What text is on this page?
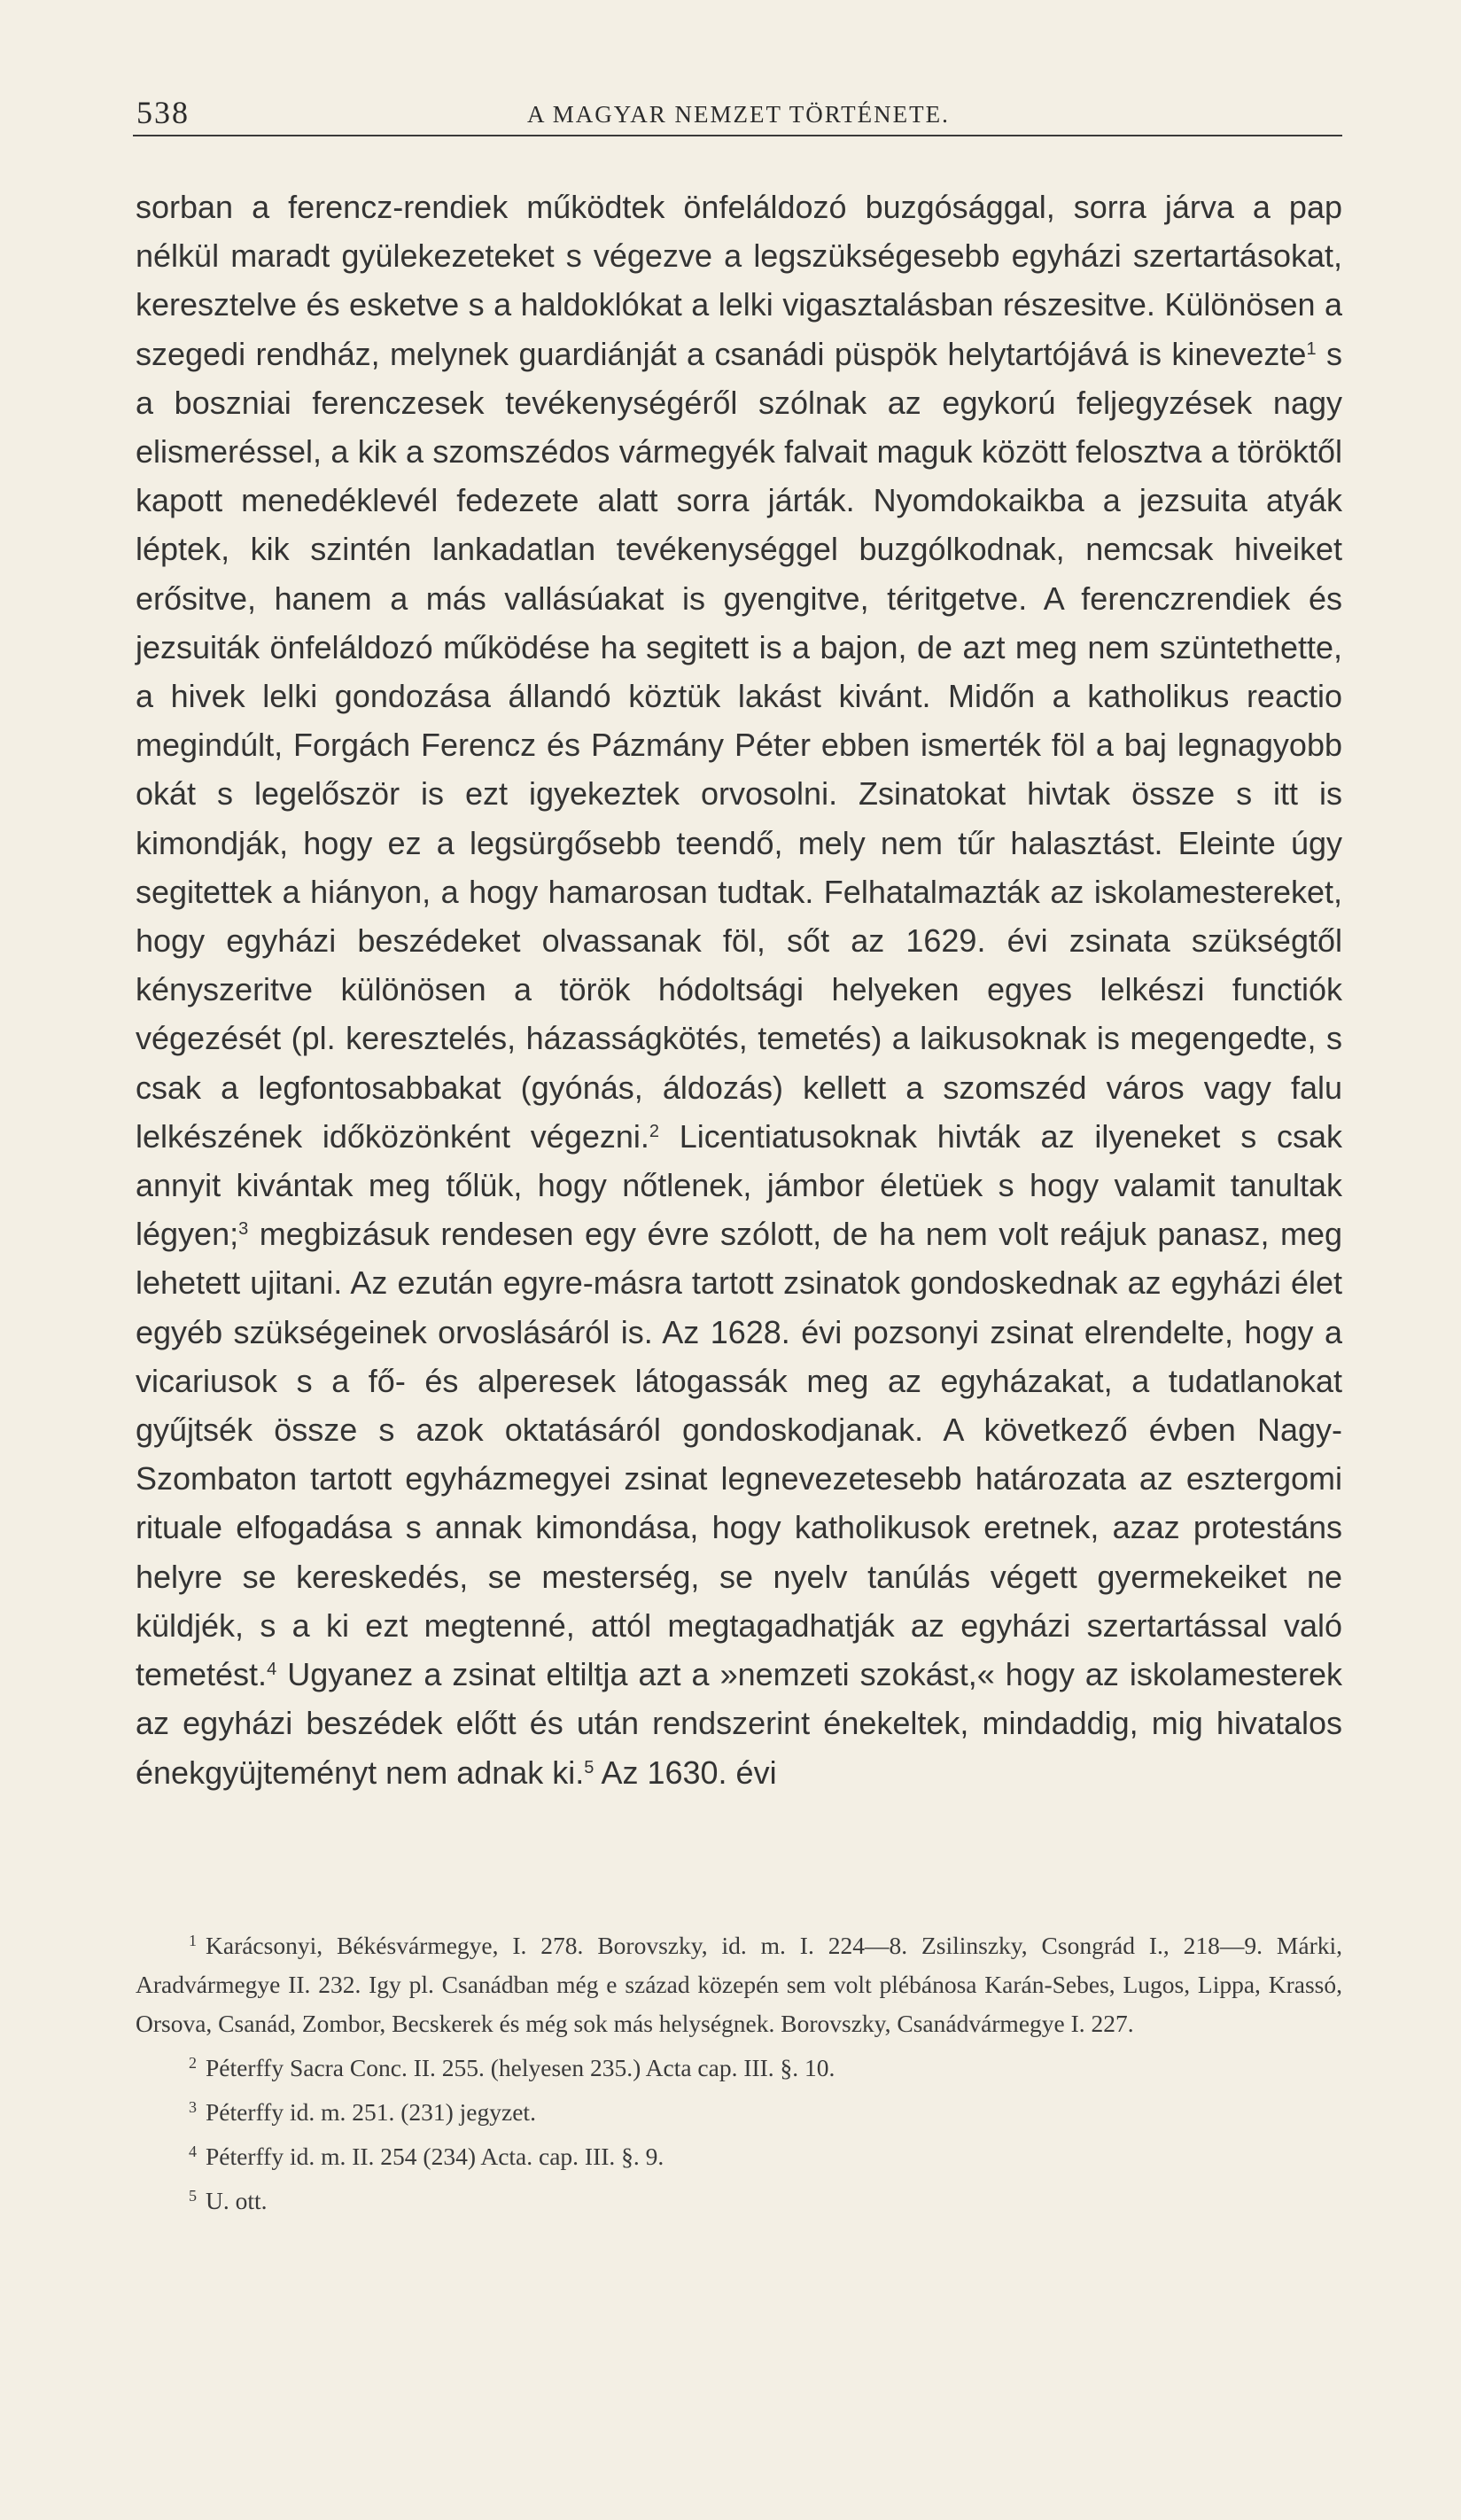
538	A MAGYAR NEMZET TÖRTÉNETE.

sorban a ferencz-rendiek működtek önfeláldozó buzgósággal, sorra járva a pap nélkül maradt gyülekezeteket s végezve a legszükségesebb egyházi szertartásokat, keresztelve és esketve s a haldoklókat a lelki vigasztalásban részesitve. Különösen a szegedi rendház, melynek guardiánját a csanádi püspök helytartójává is kinevezte$^1$ s a boszniai ferenczesek tevékenységéről szólnak az egykorú feljegyzések nagy elismeréssel, a kik a szomszédos vármegyék falvait maguk között felosztva a töröktől kapott menedéklevél fedezete alatt sorra járták. Nyomdokaikba a jezsuita atyák léptek, kik szintén lankadatlan tevékenységgel buzgólkodnak, nemcsak hiveiket erősitve, hanem a más vallásúakat is gyengitve, téritgetve. A ferenczrendiek és jezsuiták önfeláldozó működése ha segitett is a bajon, de azt meg nem szüntethette, a hivek lelki gondozása állandó köztük lakást kivánt. Midőn a katholikus reactio megindúlt, Forgách Ferencz és Pázmány Péter ebben ismerték föl a baj legnagyobb okát s legelőször is ezt igyekeztek orvosolni. Zsinatokat hivtak össze s itt is kimondják, hogy ez a legsürgősebb teendő, mely nem tűr halasztást. Eleinte úgy segitettek a hiányon, a hogy hamarosan tudtak. Felhatalmazták az iskolamestereket, hogy egyházi beszédeket olvassanak föl, sőt az 1629. évi zsinata szükségtől kényszeritve különösen a török hódoltsági helyeken egyes lelkészi functiók végezését (pl. keresztelés, házasságkötés, temetés) a laikusoknak is megengedte, s csak a legfontosabbakat (gyónás, áldozás) kellett a szomszéd város vagy falu lelkészének időközönként végezni.$^2$ Licentiatusoknak hivták az ilyeneket s csak annyit kivántak meg tőlük, hogy nőtlenek, jámbor életüek s hogy valamit tanultak légyen;$^3$ megbizásuk rendesen egy évre szólott, de ha nem volt reájuk panasz, meg lehetett ujitani. Az ezután egyre-másra tartott zsinatok gondoskednak az egyházi élet egyéb szükségeinek orvoslásáról is. Az 1628. évi pozsonyi zsinat elrendelte, hogy a vicariusok s a fő- és alperesek látogassák meg az egyházakat, a tudatlanokat gyűjtsék össze s azok oktatásáról gondoskodjanak. A következő évben Nagy-Szombaton tartott egyházmegyei zsinat legnevezetesebb határozata az esztergomi rituale elfogadása s annak kimondása, hogy katholikusok eretnek, azaz protestáns helyre se kereskedés, se mesterség, se nyelv tanúlás végett gyermekeiket ne küldjék, s a ki ezt megtenné, attól megtagadhatják az egyházi szertartással való temetést.$^4$ Ugyanez a zsinat eltiltja azt a »nemzeti szokást,« hogy az iskolamesterek az egyházi beszédek előtt és után rendszerint énekeltek, mindaddig, mig hivatalos énekgyüjteményt nem adnak ki.$^5$ Az 1630. évi

$^1$ Karácsonyi, Békésvármegye, I. 278. Borovszky, id. m. I. 224—8. Zsilinszky, Csongrád I., 218—9. Márki, Aradvármegye II. 232. Igy pl. Csanádban még e század közepén sem volt plébánosa Karán-Sebes, Lugos, Lippa, Krassó, Orsova, Csanád, Zombor, Becskerek és még sok más helységnek. Borovszky, Csanádvármegye I. 227.

$^2$ Péterffy Sacra Conc. II. 255. (helyesen 235.) Acta cap. III. §. 10.

$^3$ Péterffy id. m. 251. (231) jegyzet.

$^4$ Péterffy id. m. II. 254 (234) Acta. cap. III. §. 9.

$^5$ U. ott.
